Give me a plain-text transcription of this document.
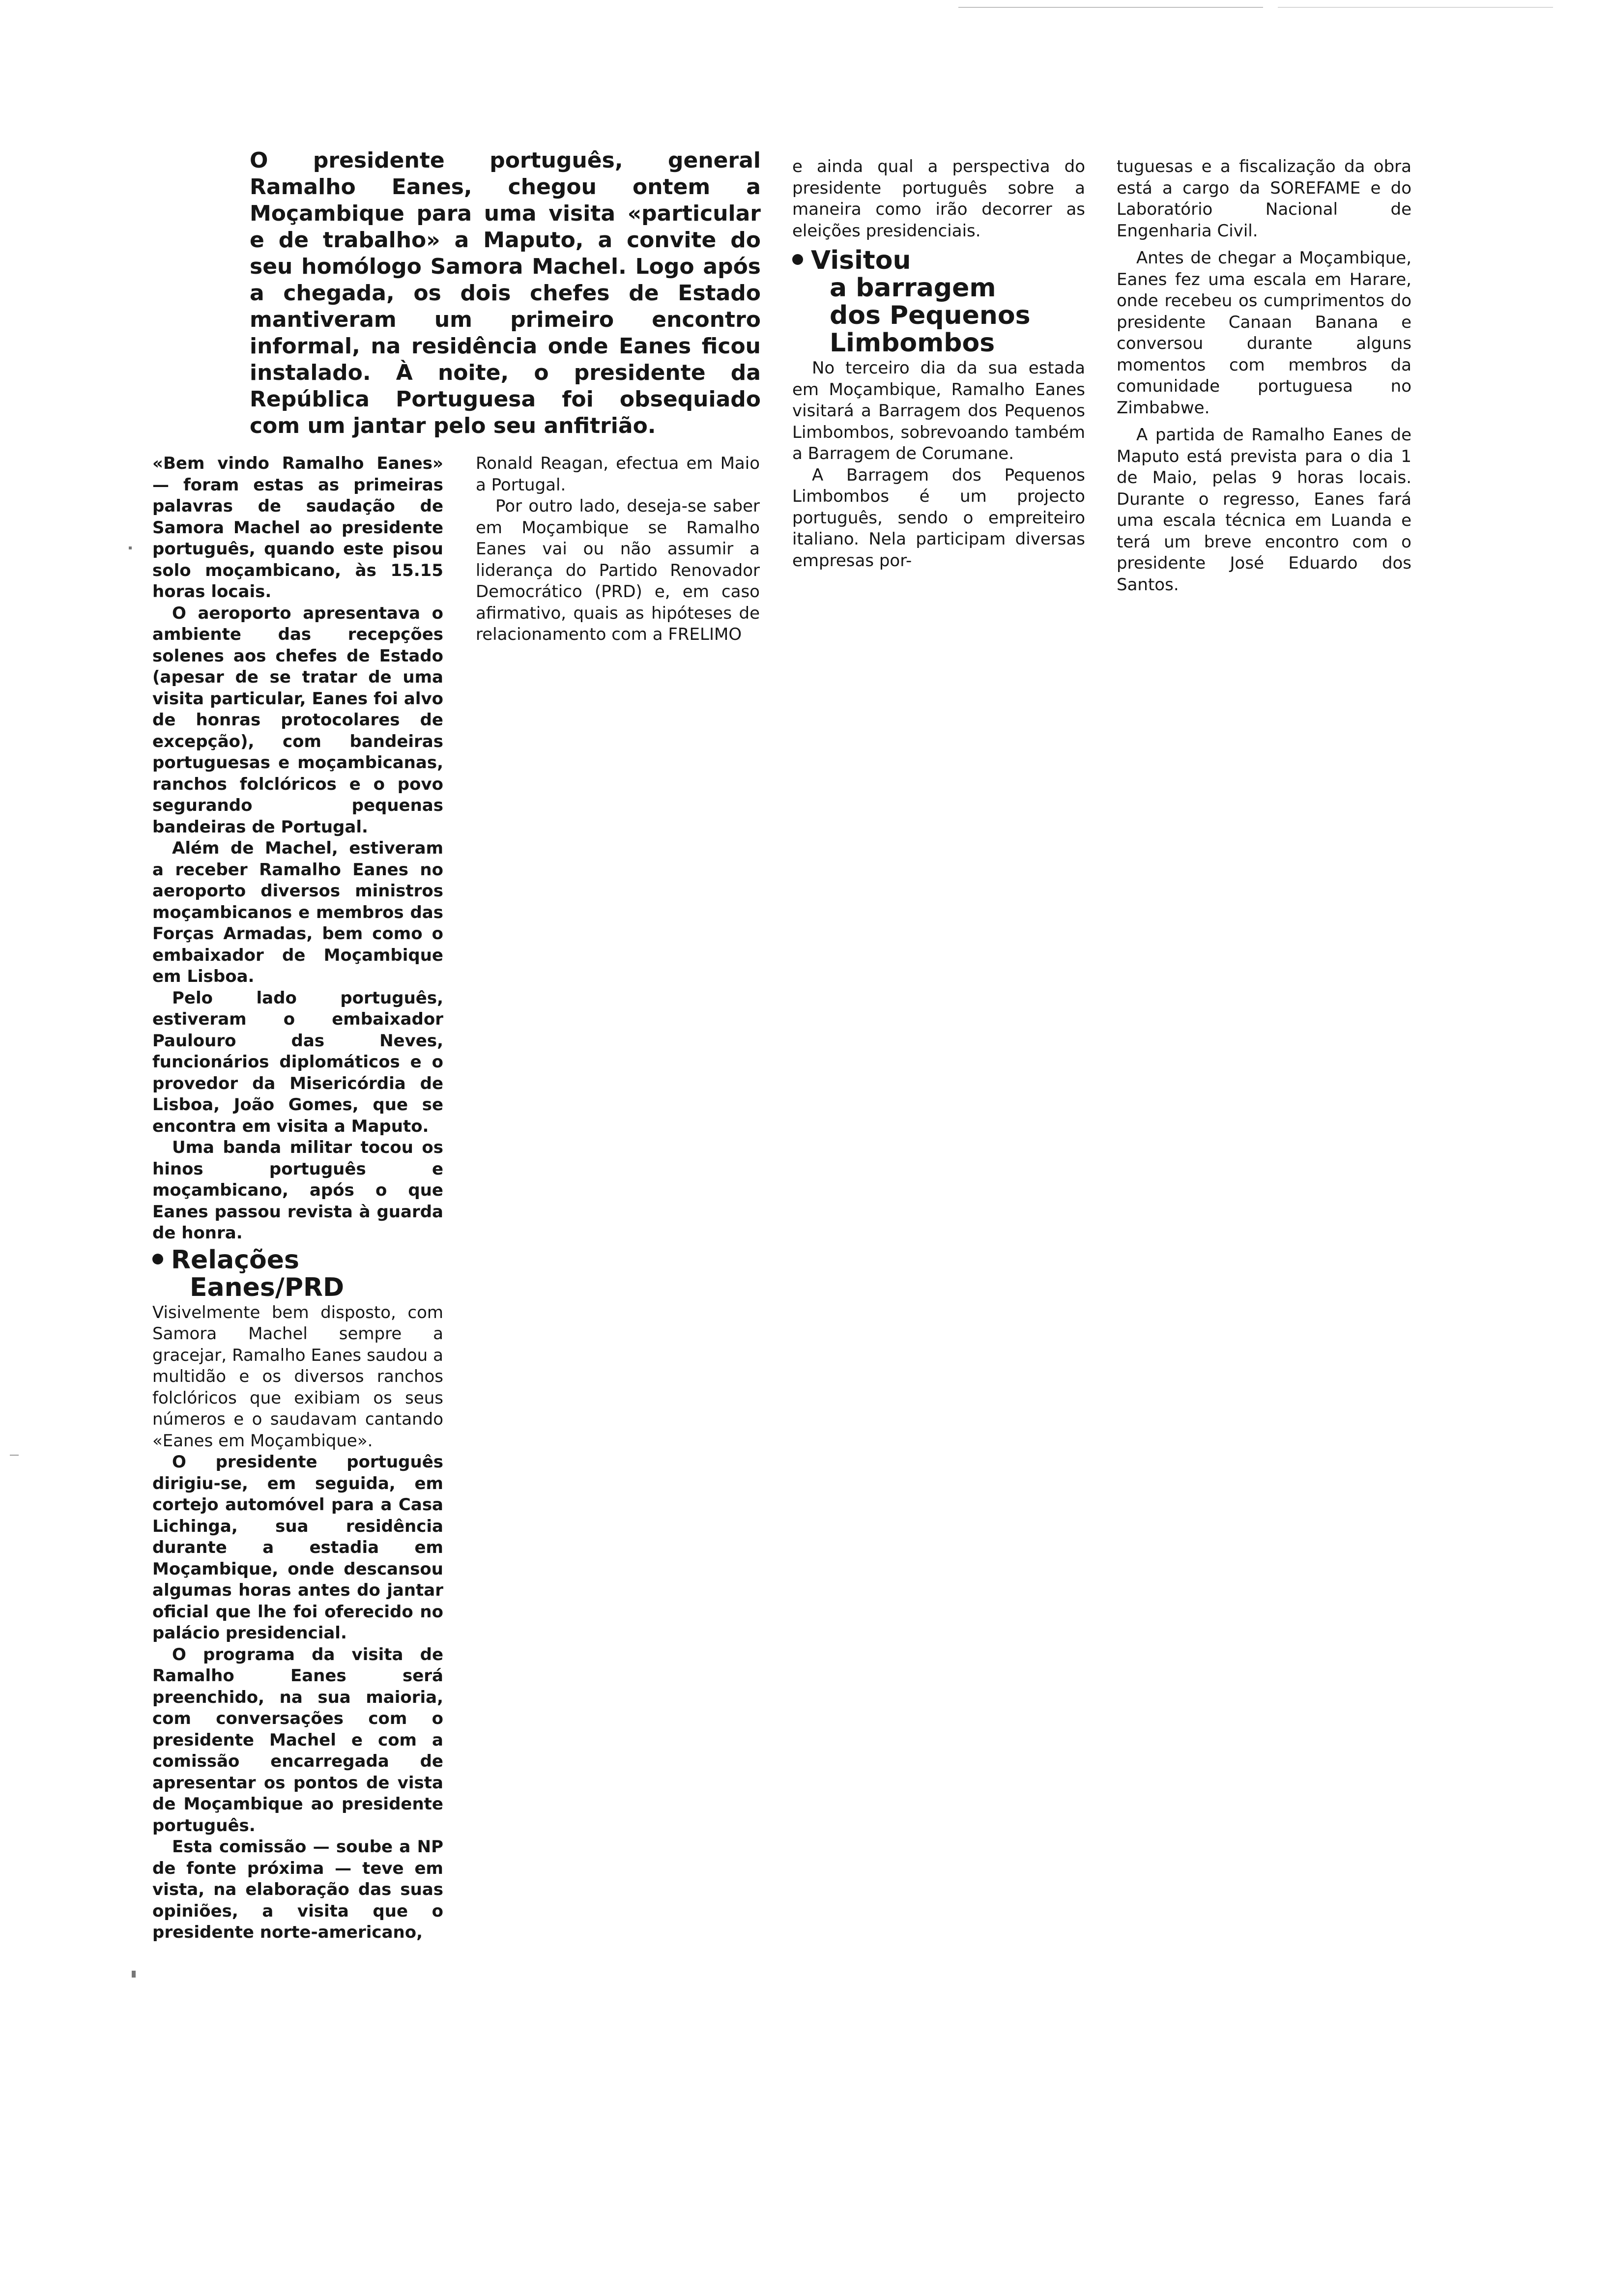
O presidente português, general Ramalho Eanes, chegou ontem a Moçambique para uma visita «particular e de trabalho» a Maputo, a convite do seu homólogo Samora Machel. Logo após a chegada, os dois chefes de Estado mantiveram um primeiro encontro informal, na residência onde Eanes ficou instalado. À noite, o presidente da República Portuguesa foi obsequiado com um jantar pelo seu anfitrião.

«Bem vindo Ramalho Eanes» — foram estas as primeiras palavras de saudação de Samora Machel ao presidente português, quando este pisou solo moçambicano, às 15.15 horas locais.

O aeroporto apresentava o ambiente das recepções solenes aos chefes de Estado (apesar de se tratar de uma visita particular, Eanes foi alvo de honras protocolares de excepção), com bandeiras portuguesas e moçambicanas, ranchos folclóricos e o povo segurando pequenas bandeiras de Portugal.

Além de Machel, estiveram a receber Ramalho Eanes no aeroporto diversos ministros moçambicanos e membros das Forças Armadas, bem como o embaixador de Moçambique em Lisboa.

Pelo lado português, estiveram o embaixador Paulouro das Neves, funcionários diplomáticos e o provedor da Misericórdia de Lisboa, João Gomes, que se encontra em visita a Maputo.

Uma banda militar tocou os hinos português e moçambicano, após o que Eanes passou revista à guarda de honra.

Relações
Eanes/PRD

Visivelmente bem disposto, com Samora Machel sempre a gracejar, Ramalho Eanes saudou a multidão e os diversos ranchos folclóricos que exibiam os seus números e o saudavam cantando «Eanes em Moçambique».

O presidente português dirigiu-se, em seguida, em cortejo automóvel para a Casa Lichinga, sua residência durante a estadia em Moçambique, onde descansou algumas horas antes do jantar oficial que lhe foi oferecido no palácio presidencial.

O programa da visita de Ramalho Eanes será preenchido, na sua maioria, com conversações com o presidente Machel e com a comissão encarregada de apresentar os pontos de vista de Moçambique ao presidente português.

Esta comissão — soube a NP de fonte próxima — teve em vista, na elaboração das suas opiniões, a visita que o presidente norte-americano,

Ronald Reagan, efectua em Maio a Portugal.

Por outro lado, deseja-se saber em Moçambique se Ramalho Eanes vai ou não assumir a liderança do Partido Renovador Democrático (PRD) e, em caso afirmativo, quais as hipóteses de relacionamento com a FRELIMO

e ainda qual a perspectiva do presidente português sobre a maneira como irão decorrer as eleições presidenciais.

Visitou
a barragem
dos Pequenos
Limbombos

No terceiro dia da sua estada em Moçambique, Ramalho Eanes visitará a Barragem dos Pequenos Limbombos, sobrevoando também a Barragem de Corumane.

A Barragem dos Pequenos Limbombos é um projecto português, sendo o empreiteiro italiano. Nela participam diversas empresas por-

tuguesas e a fiscalização da obra está a cargo da SOREFAME e do Laboratório Nacional de Engenharia Civil.

Antes de chegar a Moçambique, Eanes fez uma escala em Harare, onde recebeu os cumprimentos do presidente Canaan Banana e conversou durante alguns momentos com membros da comunidade portuguesa no Zimbabwe.

A partida de Ramalho Eanes de Maputo está prevista para o dia 1 de Maio, pelas 9 horas locais. Durante o regresso, Eanes fará uma escala técnica em Luanda e terá um breve encontro com o presidente José Eduardo dos Santos.
